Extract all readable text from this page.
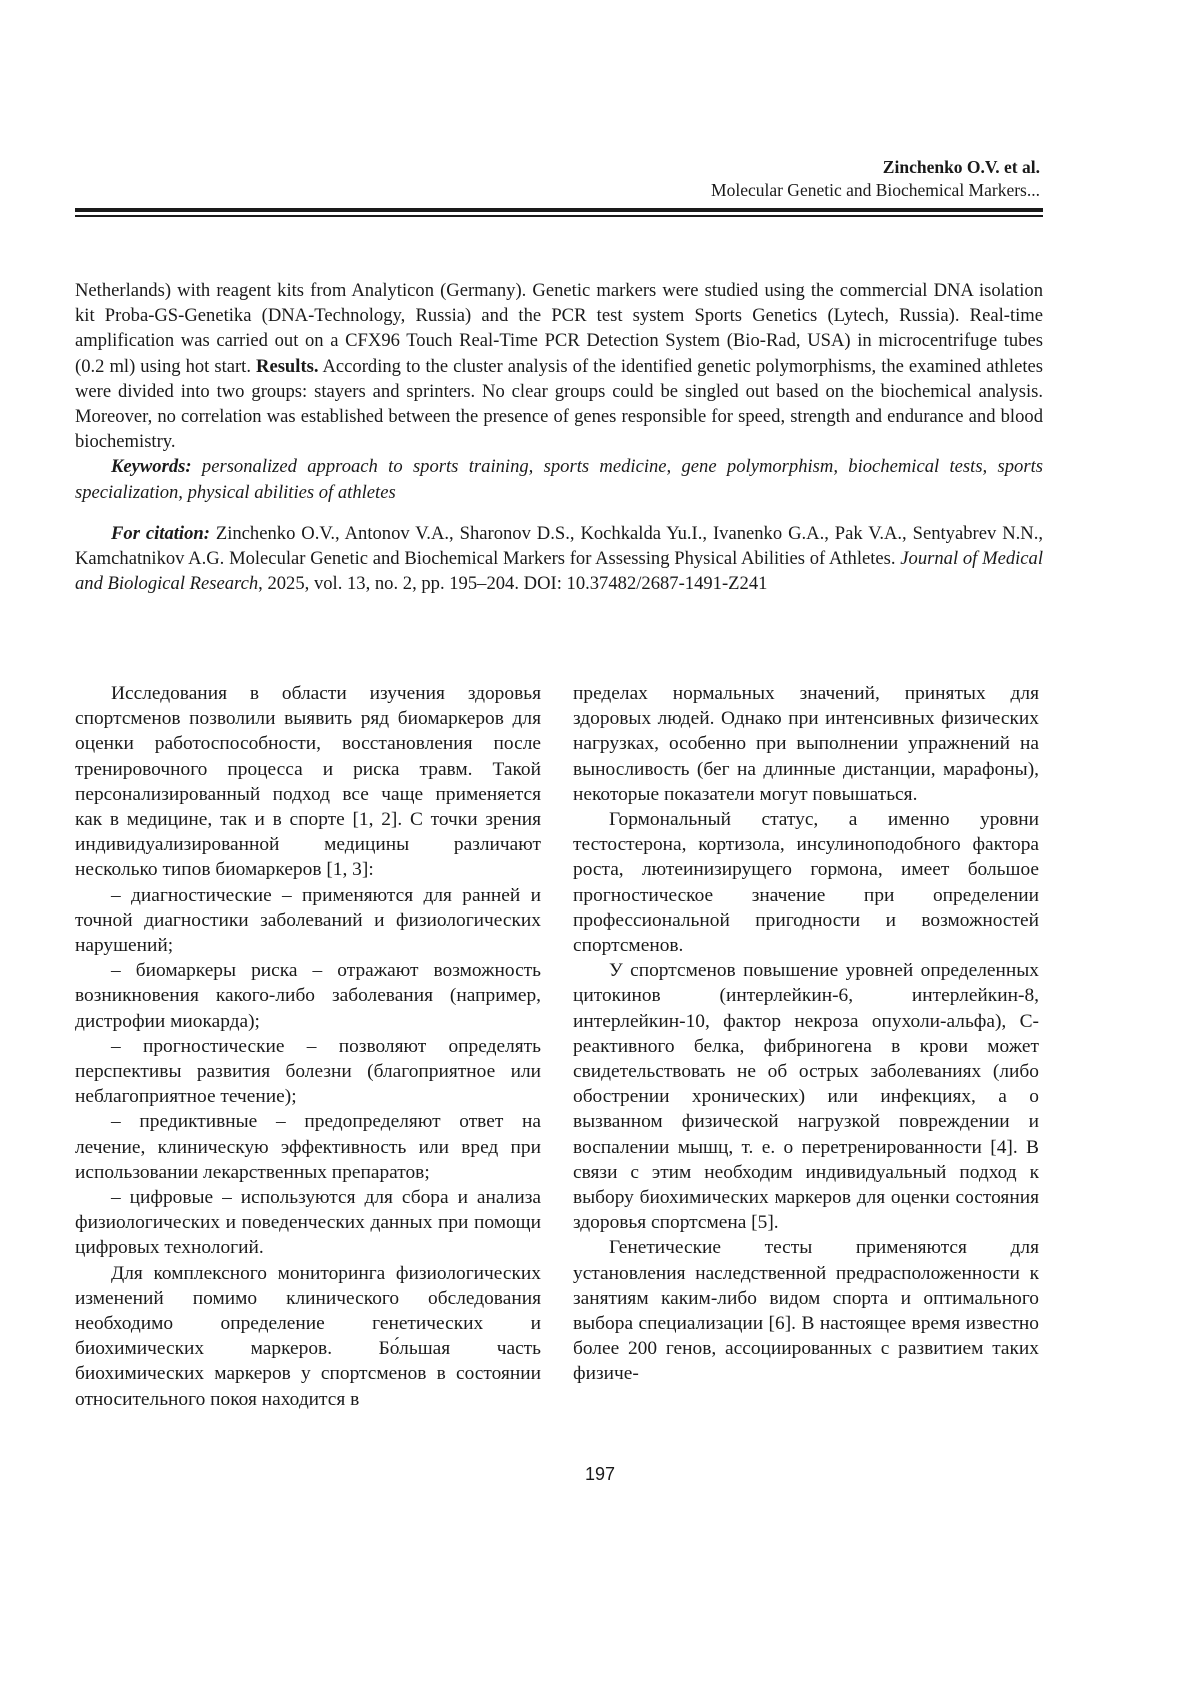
Zinchenko O.V. et al.
Molecular Genetic and Biochemical Markers...

Netherlands) with reagent kits from Analyticon (Germany). Genetic markers were studied using the commercial DNA isolation kit Proba-GS-Genetika (DNA-Technology, Russia) and the PCR test system Sports Genetics (Lytech, Russia). Real-time amplification was carried out on a CFX96 Touch Real-Time PCR Detection System (Bio-Rad, USA) in microcentrifuge tubes (0.2 ml) using hot start. Results. According to the cluster analysis of the identified genetic polymorphisms, the examined athletes were divided into two groups: stayers and sprinters. No clear groups could be singled out based on the biochemical analysis. Moreover, no correlation was established between the presence of genes responsible for speed, strength and endurance and blood biochemistry.

Keywords: personalized approach to sports training, sports medicine, gene polymorphism, biochemical tests, sports specialization, physical abilities of athletes

For citation: Zinchenko O.V., Antonov V.A., Sharonov D.S., Kochkalda Yu.I., Ivanenko G.A., Pak V.A., Sentyabrev N.N., Kamchatnikov A.G. Molecular Genetic and Biochemical Markers for Assessing Physical Abilities of Athletes. Journal of Medical and Biological Research, 2025, vol. 13, no. 2, pp. 195–204. DOI: 10.37482/2687-1491-Z241

Исследования в области изучения здоровья спортсменов позволили выявить ряд биомаркеров для оценки работоспособности, восстановления после тренировочного процесса и риска травм. Такой персонализированный подход все чаще применяется как в медицине, так и в спорте [1, 2]. С точки зрения индивидуализированной медицины различают несколько типов биомаркеров [1, 3]:

– диагностические – применяются для ранней и точной диагностики заболеваний и физиологических нарушений;

– биомаркеры риска – отражают возможность возникновения какого-либо заболевания (например, дистрофии миокарда);

– прогностические – позволяют определять перспективы развития болезни (благоприятное или неблагоприятное течение);

– предиктивные – предопределяют ответ на лечение, клиническую эффективность или вред при использовании лекарственных препаратов;

– цифровые – используются для сбора и анализа физиологических и поведенческих данных при помощи цифровых технологий.

Для комплексного мониторинга физиологических изменений помимо клинического обследования необходимо определение генетических и биохимических маркеров. Бо́льшая часть биохимических маркеров у спортсменов в состоянии относительного покоя находится в

пределах нормальных значений, принятых для здоровых людей. Однако при интенсивных физических нагрузках, особенно при выполнении упражнений на выносливость (бег на длинные дистанции, марафоны), некоторые показатели могут повышаться.

Гормональный статус, а именно уровни тестостерона, кортизола, инсулиноподобного фактора роста, лютеинизирущего гормона, имеет большое прогностическое значение при определении профессиональной пригодности и возможностей спортсменов.

У спортсменов повышение уровней определенных цитокинов (интерлейкин-6, интерлейкин-8, интерлейкин-10, фактор некроза опухоли-альфа), С-реактивного белка, фибриногена в крови может свидетельствовать не об острых заболеваниях (либо обострении хронических) или инфекциях, а о вызванном физической нагрузкой повреждении и воспалении мышц, т. е. о перетренированности [4]. В связи с этим необходим индивидуальный подход к выбору биохимических маркеров для оценки состояния здоровья спортсмена [5].

Генетические тесты применяются для установления наследственной предрасположенности к занятиям каким-либо видом спорта и оптимального выбора специализации [6]. В настоящее время известно более 200 генов, ассоциированных с развитием таких физиче-

197
